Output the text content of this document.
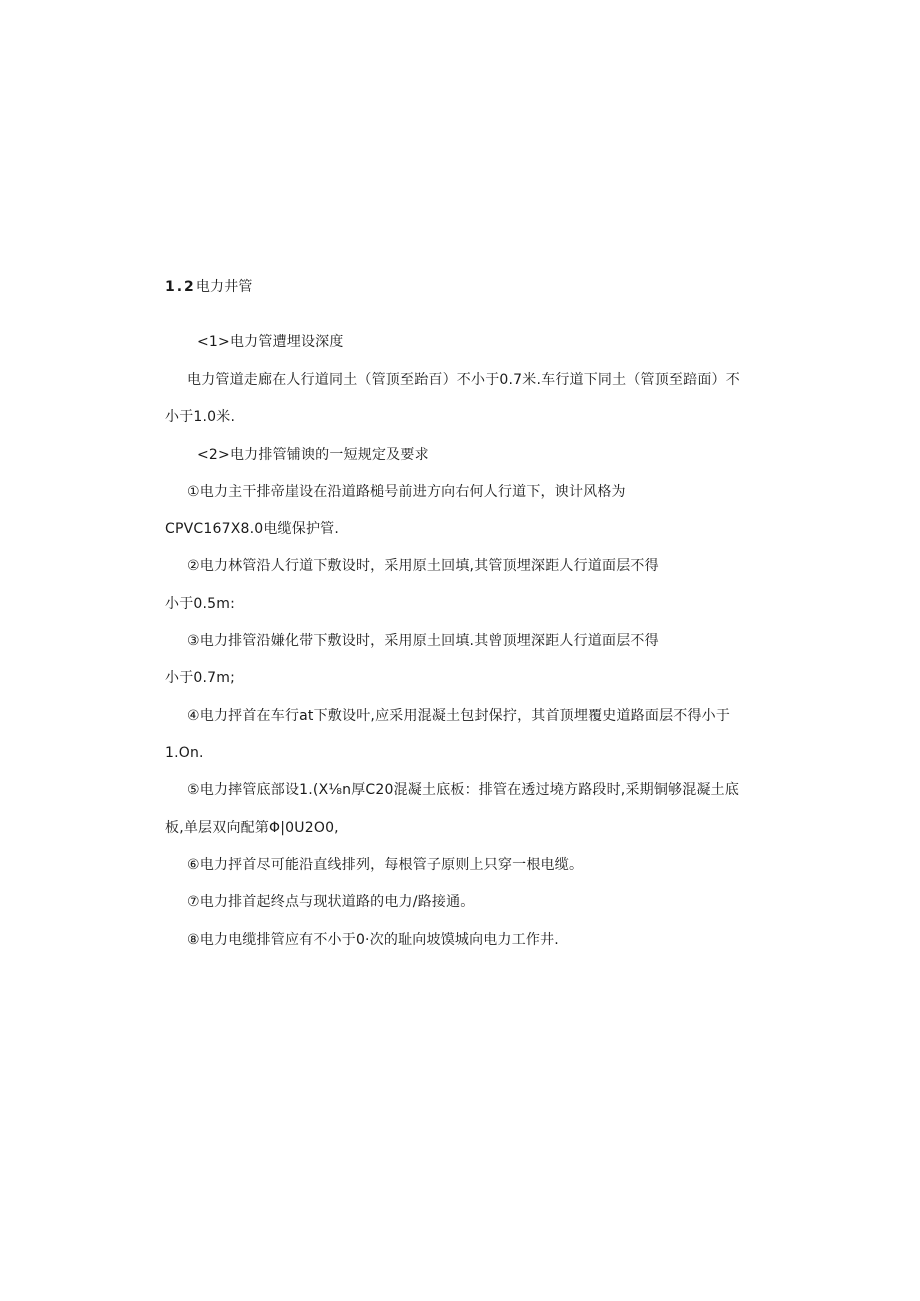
1.2电力井管
<1>电力管遭埋设深度
电力管道走廊在人行道同土（管顶至跆百）不小于0.7米.车行道下同土（管顶至踣面）不
小于1.0米.
<2>电力排管铺谀的一短规定及要求
①电力主干排帝崖设在沿道路槌号前进方向右何人行道下，谀计风格为
CPVC167X8.0电缆保护管.
②电力林管沿人行道下敷设时，采用原土回填,其管顶埋深距人行道面层不得
小于0.5m:
③电力排管沿嫌化带下敷设时，采用原土回填.其曾顶埋深距人行道面层不得
小于0.7m;
④电力抨首在车行at下敷设叶,应采用混凝土包封保拧，其首顶埋覆史道路面层不得小于
1.On.
⑤电力摔管底部设1.(X⅛n厚C20混凝土底板：排管在透过墝方路段时,采期铜够混凝土底
板,单层双向配第Φ|0U2O0,
⑥电力抨首尽可能沿直线排列，每根管子原则上只穿一根电缆。
⑦电力排首起终点与现状道路的电力/路接通。
⑧电力电缆排管应有不小于0·次的耻向坡馍城向电力工作井.
